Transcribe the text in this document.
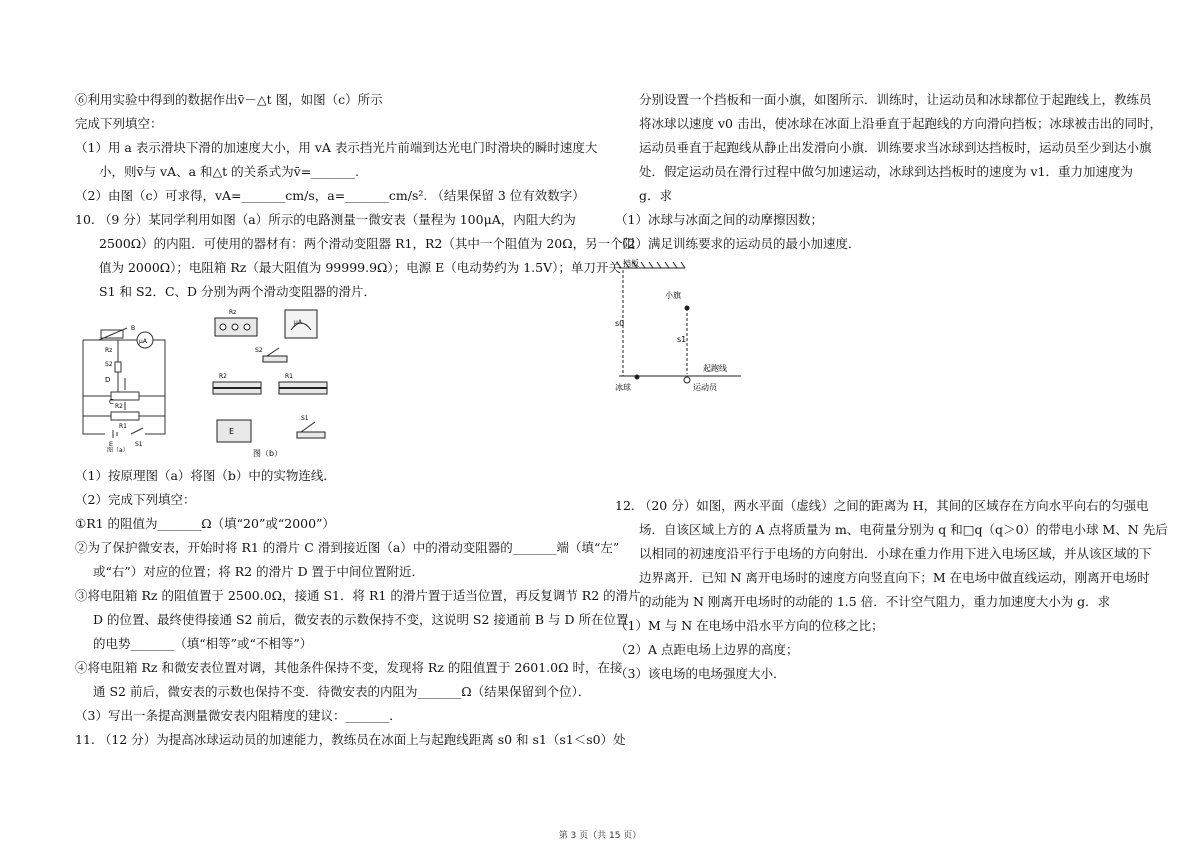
⑥利用实验中得到的数据作出v̄－△t 图，如图（c）所示
完成下列填空：
（1）用 a 表示滑块下滑的加速度大小，用 vA 表示挡光片前端到达光电门时滑块的瞬时速度大
小，则v̄与 vA、a 和△t 的关系式为v̄=_______.
（2）由图（c）可求得，vA=_______cm/s，a=_______cm/s². （结果保留 3 位有效数字）
10. （9 分）某同学利用如图（a）所示的电路测量一微安表（量程为 100μA，内阻大约为
2500Ω）的内阻．可使用的器材有：两个滑动变阻器 R1，R2（其中一个阻值为 20Ω，另一个阻
值为 2000Ω）；电阻箱 Rz（最大阻值为 99999.9Ω）；电源 E（电动势约为 1.5V）；单刀开关
S1 和 S2．C、D 分别为两个滑动变阻器的滑片．
Rz
B
μA
S2
D
R2
C
R1
E	S1
图（a）
Rz
μA
S2
R2	R1
E
S1
图（b）
（1）按原理图（a）将图（b）中的实物连线．
（2）完成下列填空：
①R1 的阻值为_______Ω（填“20”或“2000”）
②为了保护微安表，开始时将 R1 的滑片 C 滑到接近图（a）中的滑动变阻器的_______端（填“左”
或“右”）对应的位置；将 R2 的滑片 D 置于中间位置附近．
③将电阻箱 Rz 的阻值置于 2500.0Ω，接通 S1．将 R1 的滑片置于适当位置，再反复调节 R2 的滑片
D 的位置、最终使得接通 S2 前后，微安表的示数保持不变，这说明 S2 接通前 B 与 D 所在位置
的电势_______（填“相等”或“不相等”）
④将电阻箱 Rz 和微安表位置对调，其他条件保持不变，发现将 Rz 的阻值置于 2601.0Ω 时，在接
通 S2 前后，微安表的示数也保持不变．待微安表的内阻为_______Ω（结果保留到个位）．
（3）写出一条提高测量微安表内阻精度的建议：_______．
11. （12 分）为提高冰球运动员的加速能力，教练员在冰面上与起跑线距离 s0 和 s1（s1＜s0）处
分别设置一个挡板和一面小旗，如图所示．训练时，让运动员和冰球都位于起跑线上，教练员
将冰球以速度 v0 击出，使冰球在冰面上沿垂直于起跑线的方向滑向挡板；冰球被击出的同时，
运动员垂直于起跑线从静止出发滑向小旗．训练要求当冰球到达挡板时，运动员至少到达小旗
处．假定运动员在滑行过程中做匀加速运动，冰球到达挡板时的速度为 v1．重力加速度为
g．求
（1）冰球与冰面之间的动摩擦因数；
（2）满足训练要求的运动员的最小加速度．
挡板
小旗
s0
s1
起跑线
冰球	运动员
12. （20 分）如图，两水平面（虚线）之间的距离为 H，其间的区域存在方向水平向右的匀强电
场．自该区域上方的 A 点将质量为 m、电荷量分别为 q 和□q（q＞0）的带电小球 M、N 先后
以相同的初速度沿平行于电场的方向射出．小球在重力作用下进入电场区域，并从该区域的下
边界离开．已知 N 离开电场时的速度方向竖直向下；M 在电场中做直线运动，刚离开电场时
的动能为 N 刚离开电场时的动能的 1.5 倍．不计空气阻力，重力加速度大小为 g．求
（1）M 与 N 在电场中沿水平方向的位移之比；
（2）A 点距电场上边界的高度；
（3）该电场的电场强度大小．
第 3 页（共 15 页）
